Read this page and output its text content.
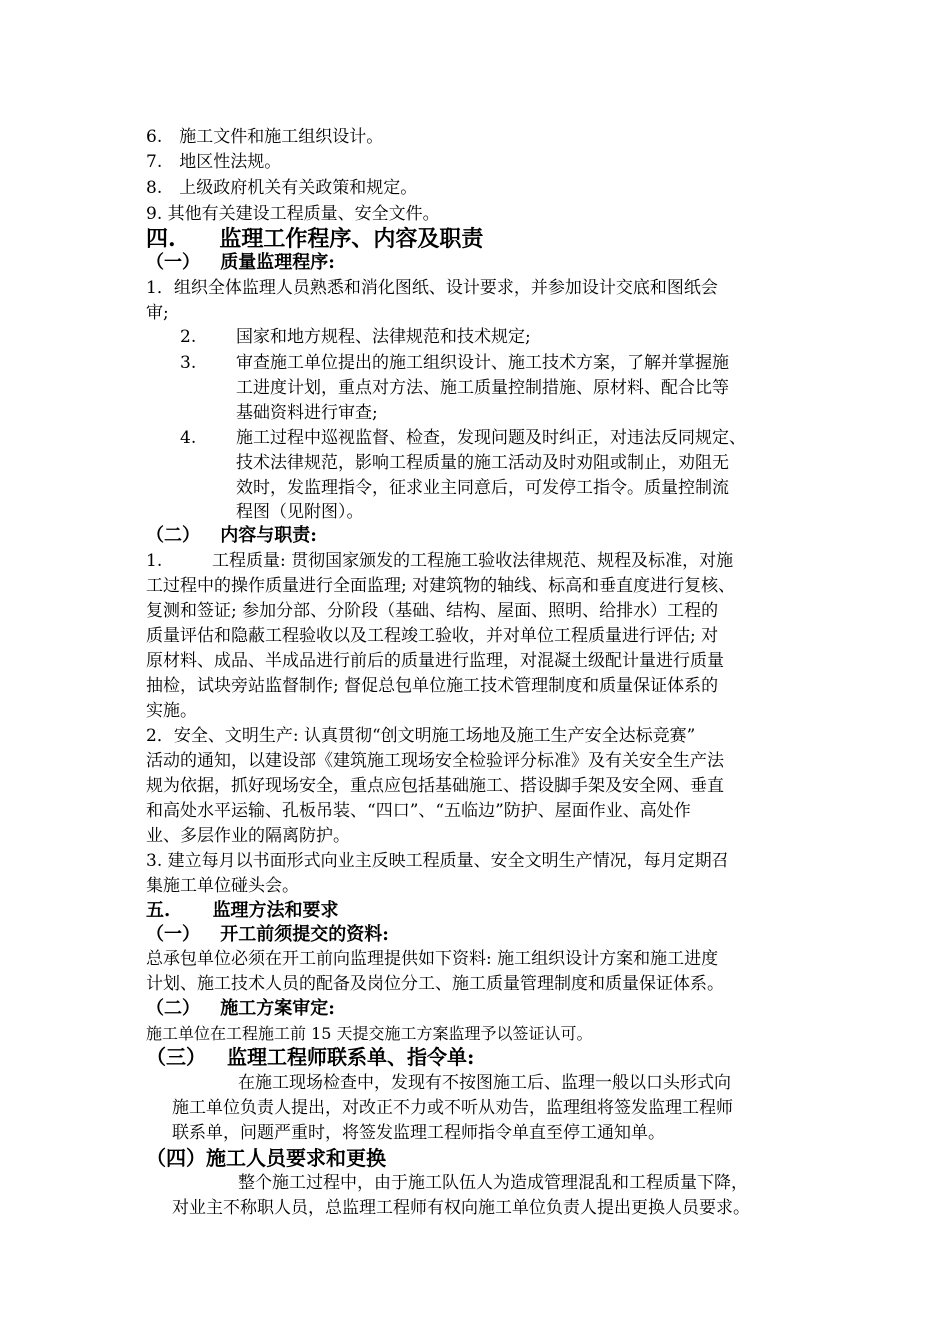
6.　施工文件和施工组织设计。
7.　地区性法规。
8.　上级政府机关有关政策和规定。
9. 其他有关建设工程质量、安全文件。
四. 监理工作程序、内容及职责
（一） 质量监理程序:
1．组织全体监理人员熟悉和消化图纸、设计要求，并参加设计交底和图纸会
审;
2. 国家和地方规程、法律规范和技术规定;
3. 审查施工单位提出的施工组织设计、施工技术方案，了解并掌握施
工进度计划，重点对方法、施工质量控制措施、原材料、配合比等
基础资料进行审查;
4. 施工过程中巡视监督、检查，发现问题及时纠正，对违法反同规定、
技术法律规范，影响工程质量的施工活动及时劝阻或制止，劝阻无
效时，发监理指令，征求业主同意后，可发停工指令。质量控制流
程图（见附图）。
（二） 内容与职责:
1.	工程质量: 贯彻国家颁发的工程施工验收法律规范、规程及标准，对施
工过程中的操作质量进行全面监理; 对建筑物的轴线、标高和垂直度进行复核、
复测和签证; 参加分部、分阶段（基础、结构、屋面、照明、给排水）工程的
质量评估和隐蔽工程验收以及工程竣工验收，并对单位工程质量进行评估; 对
原材料、成品、半成品进行前后的质量进行监理，对混凝土级配计量进行质量
抽检，试块旁站监督制作; 督促总包单位施工技术管理制度和质量保证体系的
实施。
2．安全、文明生产: 认真贯彻“创文明施工场地及施工生产安全达标竞赛”
活动的通知，以建设部《建筑施工现场安全检验评分标准》及有关安全生产法
规为依据，抓好现场安全，重点应包括基础施工、搭设脚手架及安全网、垂直
和高处水平运输、孔板吊装、“四口”、“五临边”防护、屋面作业、高处作
业、多层作业的隔离防护。
3. 建立每月以书面形式向业主反映工程质量、安全文明生产情况，每月定期召
集施工单位碰头会。
五. 监理方法和要求
（一） 开工前须提交的资料:
总承包单位必须在开工前向监理提供如下资料: 施工组织设计方案和施工进度
计划、施工技术人员的配备及岗位分工、施工质量管理制度和质量保证体系。
（二） 施工方案审定:
施工单位在工程施工前 15 天提交施工方案监理予以签证认可。
（三） 监理工程师联系单、指令单:
在施工现场检查中，发现有不按图施工后、监理一般以口头形式向
施工单位负责人提出，对改正不力或不听从劝告，监理组将签发监理工程师
联系单，问题严重时，将签发监理工程师指令单直至停工通知单。
（四）施工人员要求和更换
整个施工过程中，由于施工队伍人为造成管理混乱和工程质量下降，
对业主不称职人员，总监理工程师有权向施工单位负责人提出更换人员要求。
